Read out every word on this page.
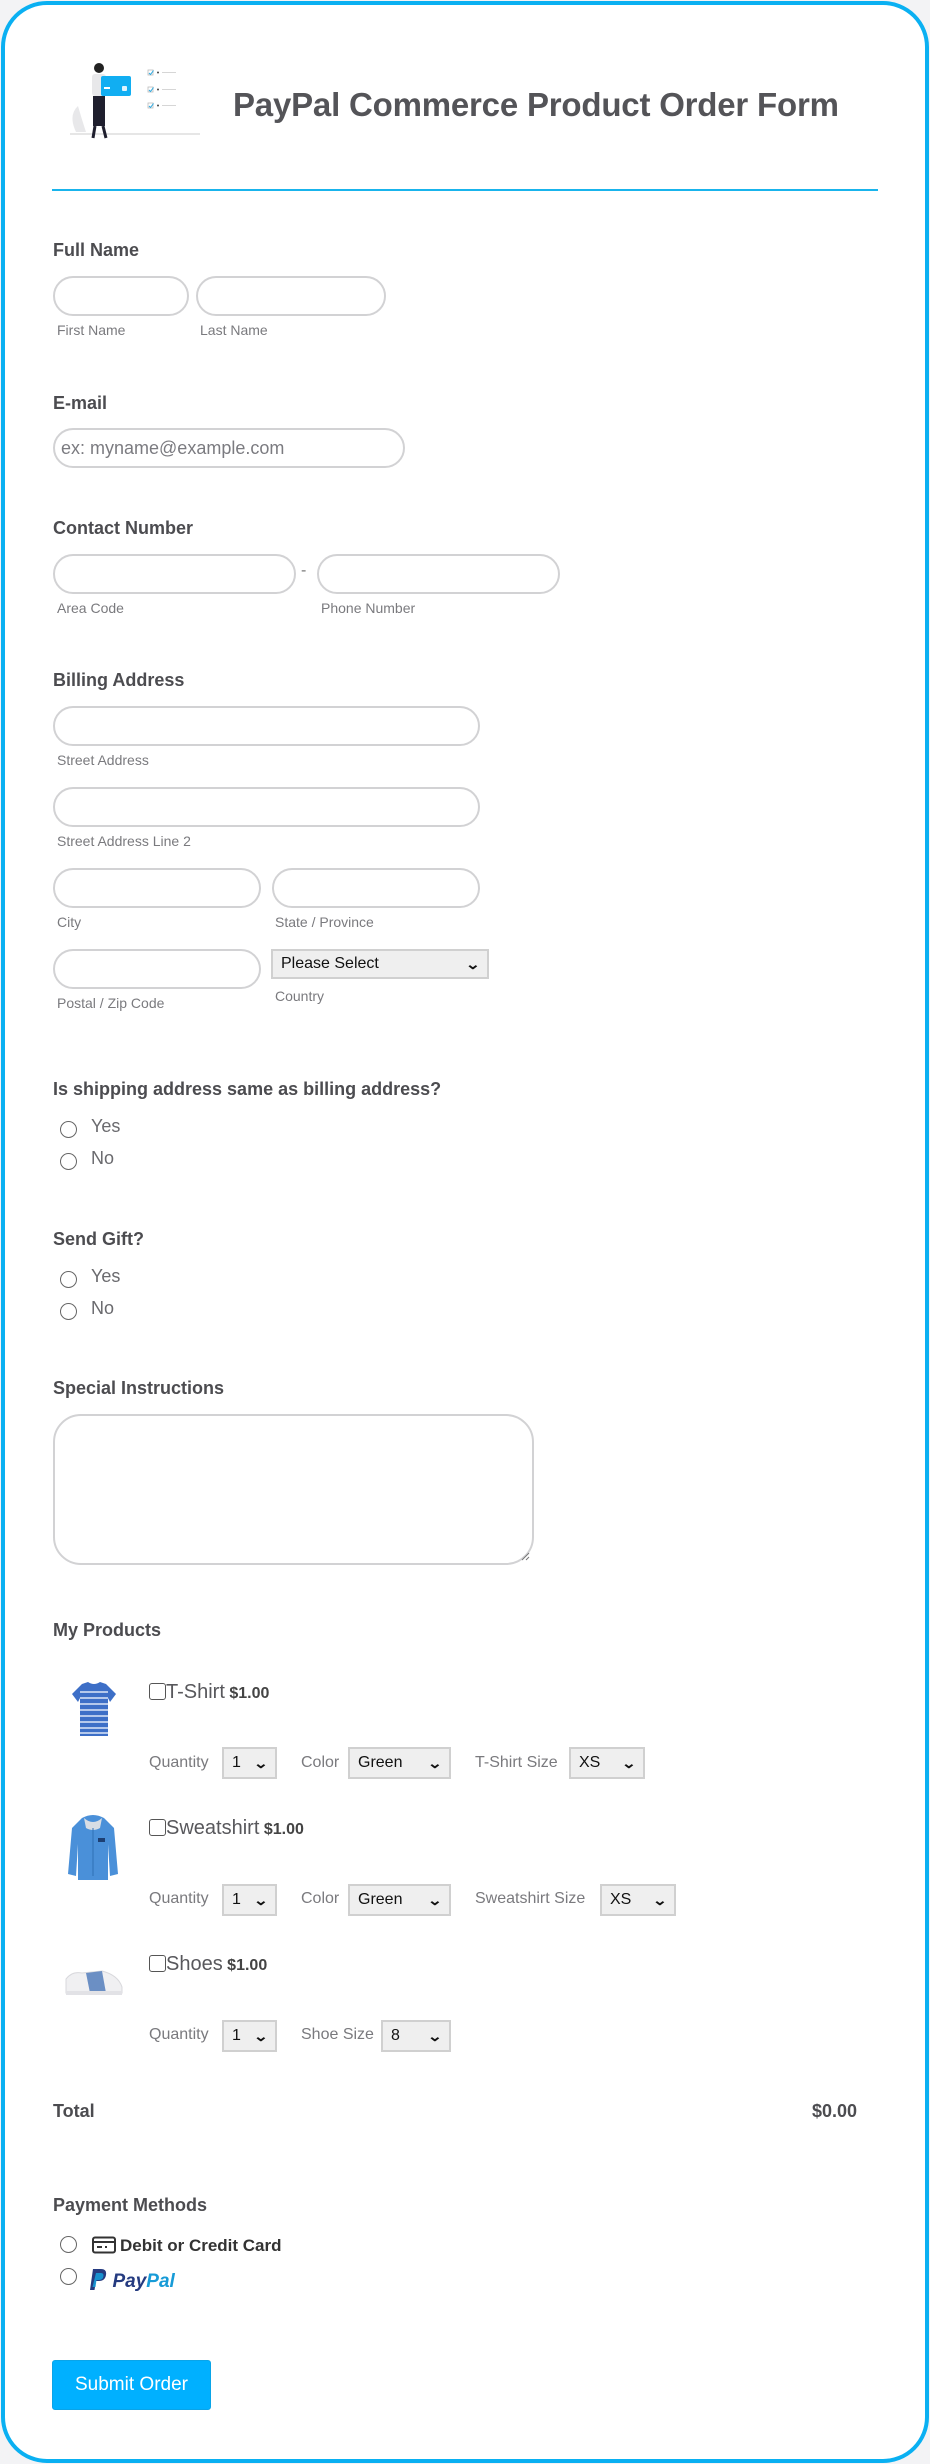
PayPal Commerce Product Order Form
Full Name
First Name	Last Name
E-mail
ex: myname@example.com
Contact Number
-
Area Code	Phone Number
Billing Address
Street Address
Street Address Line 2
City	State / Province
Please Select	⌄
Postal / Zip Code	Country
Is shipping address same as billing address?
Yes
No
Send Gift?
Yes
No
Special Instructions
My Products
T-Shirt $1.00
Quantity 1 ⌄ Color Green ⌄ T-Shirt Size XS ⌄
Sweatshirt $1.00
Quantity 1 ⌄ Color Green ⌄ Sweatshirt Size XS ⌄
Shoes $1.00
Quantity 1 ⌄ Shoe Size 8 ⌄
Total	$0.00
Payment Methods
Debit or Credit Card
PayPal
Submit Order
